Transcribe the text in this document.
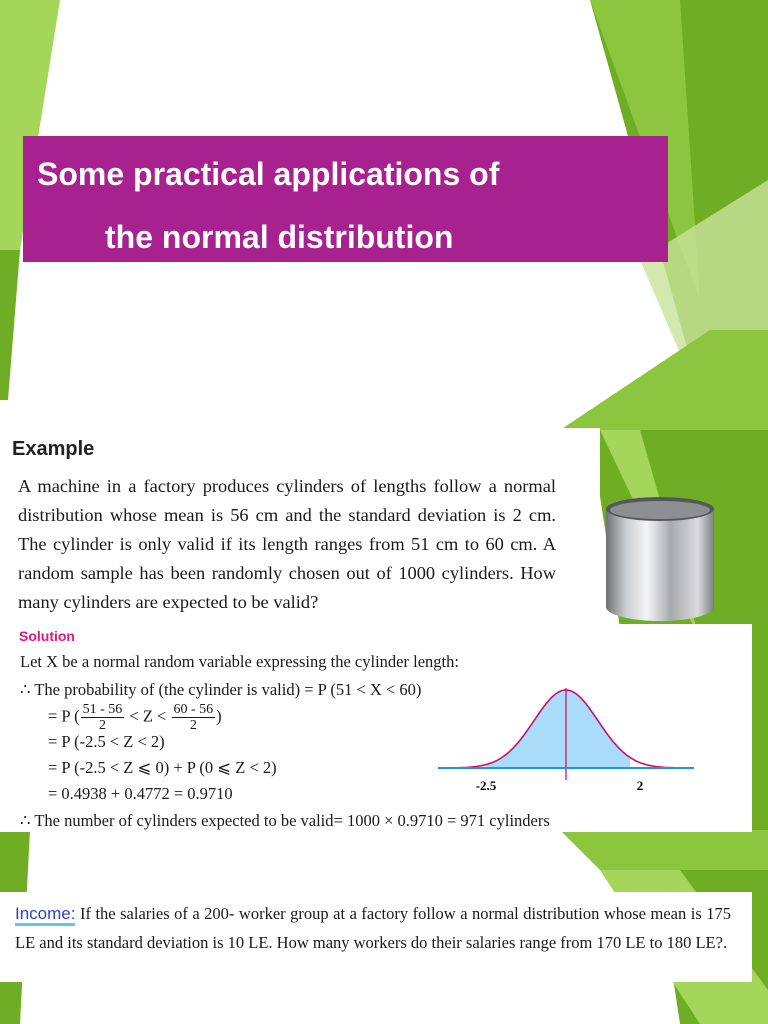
Some practical applications of
the normal distribution
Example
A machine in a factory produces cylinders of lengths follow a normal distribution whose mean is 56 cm and the standard deviation is 2 cm. The cylinder is only valid if its length ranges from 51 cm to 60 cm. A random sample has been randomly chosen out of 1000 cylinders. How many cylinders are expected to be valid?
Solution
Let X be a normal random variable expressing the cylinder length:
∴ The probability of (the cylinder is valid) = P (51 < X < 60)
= P ( $\frac{51 - 56}{2} < Z < \frac{60 - 56}{2}$ )
= P (-2.5 < Z < 2)
= P (-2.5 < Z ⩽ 0) + P (0 ⩽ Z < 2)
= 0.4938 + 0.4772 = 0.9710
∴ The number of cylinders expected to be valid= 1000 × 0.9710 = 971 cylinders
-2.5	2
Income: If the salaries of a 200- worker group at a factory follow a normal distribution whose mean is 175 LE and its standard deviation is 10 LE. How many workers do their salaries range from 170 LE to 180 LE?.
